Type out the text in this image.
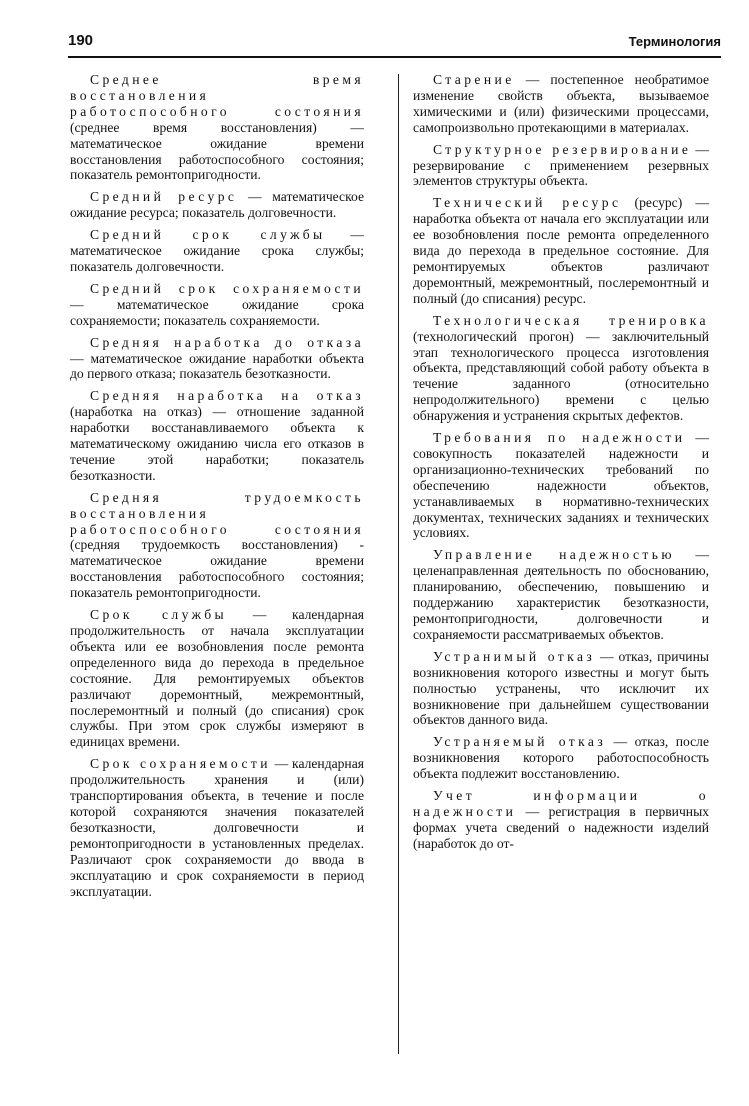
190	Терминология

Среднее время восстановления работоспособного состояния (среднее время восстановления) — математическое ожидание времени восстановления работоспособного состояния; показатель ремонтопригодности.

Средний ресурс — математическое ожидание ресурса; показатель долговечности.

Средний срок службы — математическое ожидание срока службы; показатель долговечности.

Средний срок сохраняемости — математическое ожидание срока сохраняемости; показатель сохраняемости.

Средняя наработка до отказа — математическое ожидание наработки объекта до первого отказа; показатель безотказности.

Средняя наработка на отказ (наработка на отказ) — отношение заданной наработки восстанавливаемого объекта к математическому ожиданию числа его отказов в течение этой наработки; показатель безотказности.

Средняя трудоемкость восстановления работоспособного состояния (средняя трудоемкость восстановления) - математическое ожидание времени восстановления работоспособного состояния; показатель ремонтопригодности.

Срок службы — календарная продолжительность от начала эксплуатации объекта или ее возобновления после ремонта определенного вида до перехода в предельное состояние. Для ремонтируемых объектов различают доремонтный, межремонтный, послеремонтный и полный (до списания) срок службы. При этом срок службы измеряют в единицах времени.

Срок сохраняемости — календарная продолжительность хранения и (или) транспортирования объекта, в течение и после которой сохраняются значения показателей безотказности, долговечности и ремонтопригодности в установленных пределах. Различают срок сохраняемости до ввода в эксплуатацию и срок сохраняемости в период эксплуатации.

Старение — постепенное необратимое изменение свойств объекта, вызываемое химическими и (или) физическими процессами, самопроизвольно протекающими в материалах.

Структурное резервирование — резервирование с применением резервных элементов структуры объекта.

Технический ресурс (ресурс) — наработка объекта от начала его эксплуатации или ее возобновления после ремонта определенного вида до перехода в предельное состояние. Для ремонтируемых объектов различают доремонтный, межремонтный, послеремонтный и полный (до списания) ресурс.

Технологическая тренировка (технологический прогон) — заключительный этап технологического процесса изготовления объекта, представляющий собой работу объекта в течение заданного (относительно непродолжительного) времени с целью обнаружения и устранения скрытых дефектов.

Требования по надежности — совокупность показателей надежности и организационно-технических требований по обеспечению надежности объектов, устанавливаемых в нормативно-технических документах, технических заданиях и технических условиях.

Управление надежностью — целенаправленная деятельность по обоснованию, планированию, обеспечению, повышению и поддержанию характеристик безотказности, ремонтопригодности, долговечности и сохраняемости рассматриваемых объектов.

Устранимый отказ — отказ, причины возникновения которого известны и могут быть полностью устранены, что исключит их возникновение при дальнейшем существовании объектов данного вида.

Устраняемый отказ — отказ, после возникновения которого работоспособность объекта подлежит восстановлению.

Учет информации о надежности — регистрация в первичных формах учета сведений о надежности изделий (наработок до от-
